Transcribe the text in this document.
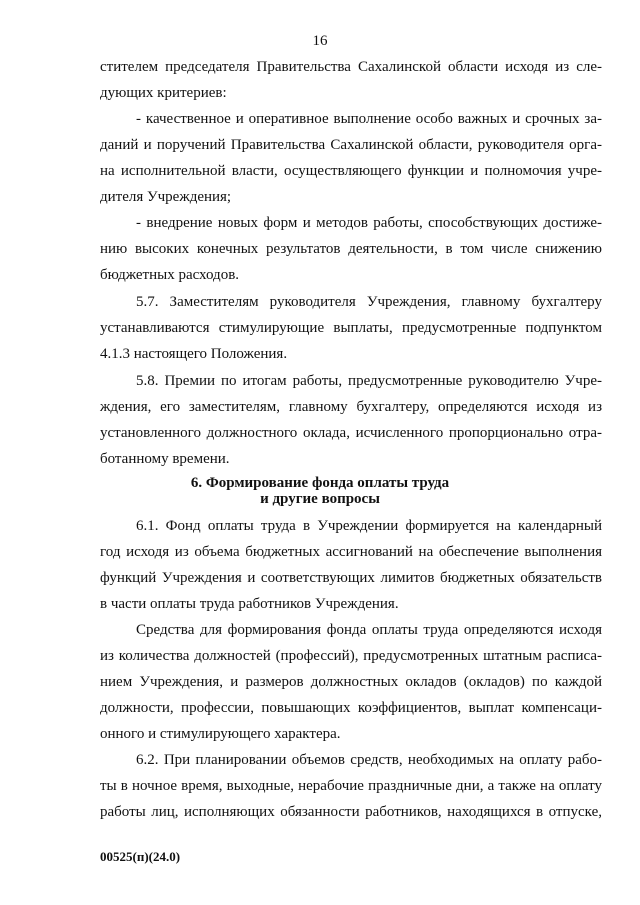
16
стителем председателя Правительства Сахалинской области исходя из сле-
дующих критериев:
- качественное и оперативное выполнение особо важных и срочных за-
даний и поручений Правительства Сахалинской области, руководителя орга-
на исполнительной власти, осуществляющего функции и полномочия учре-
дителя Учреждения;
- внедрение новых форм и методов работы, способствующих достиже-
нию высоких конечных результатов деятельности, в том числе снижению
бюджетных расходов.
5.7. Заместителям руководителя Учреждения, главному бухгалтеру
устанавливаются стимулирующие выплаты, предусмотренные подпунктом
4.1.3 настоящего Положения.
5.8. Премии по итогам работы, предусмотренные руководителю Учре-
ждения, его заместителям, главному бухгалтеру, определяются исходя из
установленного должностного оклада, исчисленного пропорционально отра-
ботанному времени.
6. Формирование фонда оплаты труда
и другие вопросы
6.1. Фонд оплаты труда в Учреждении формируется на календарный
год исходя из объема бюджетных ассигнований на обеспечение выполнения
функций Учреждения и соответствующих лимитов бюджетных обязательств
в части оплаты труда работников Учреждения.
Средства для формирования фонда оплаты труда определяются исходя
из количества должностей (профессий), предусмотренных штатным расписа-
нием Учреждения, и размеров должностных окладов (окладов) по каждой
должности, профессии, повышающих коэффициентов, выплат компенсаци-
онного и стимулирующего характера.
6.2. При планировании объемов средств, необходимых на оплату рабо-
ты в ночное время, выходные, нерабочие праздничные дни, а также на оплату
работы лиц, исполняющих обязанности работников, находящихся в отпуске,
00525(п)(24.0)
